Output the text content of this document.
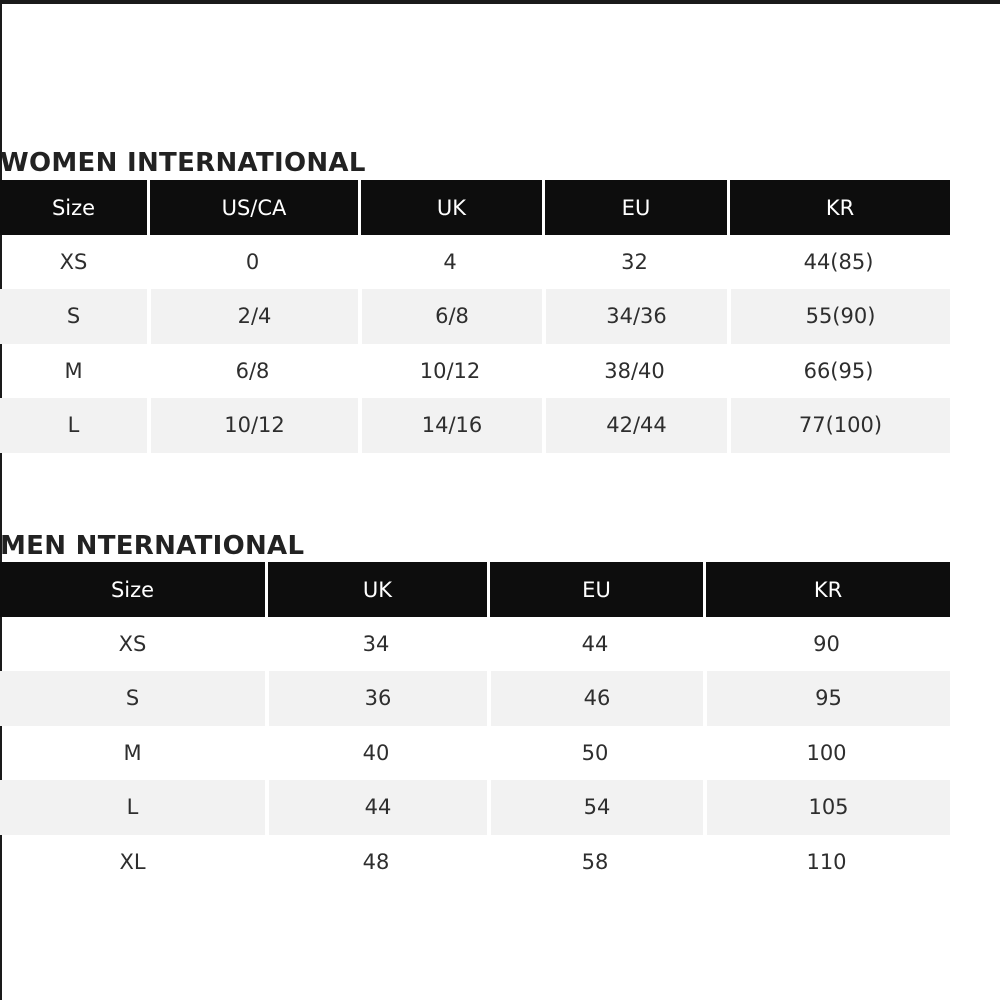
WOMEN INTERNATIONAL
Size	US/CA	UK	EU	KR
XS	0	4	32	44(85)
S	2/4	6/8	34/36	55(90)
M	6/8	10/12	38/40	66(95)
L	10/12	14/16	42/44	77(100)
MEN NTERNATIONAL
Size	UK	EU	KR
XS	34	44	90
S	36	46	95
M	40	50	100
L	44	54	105
XL	48	58	110
